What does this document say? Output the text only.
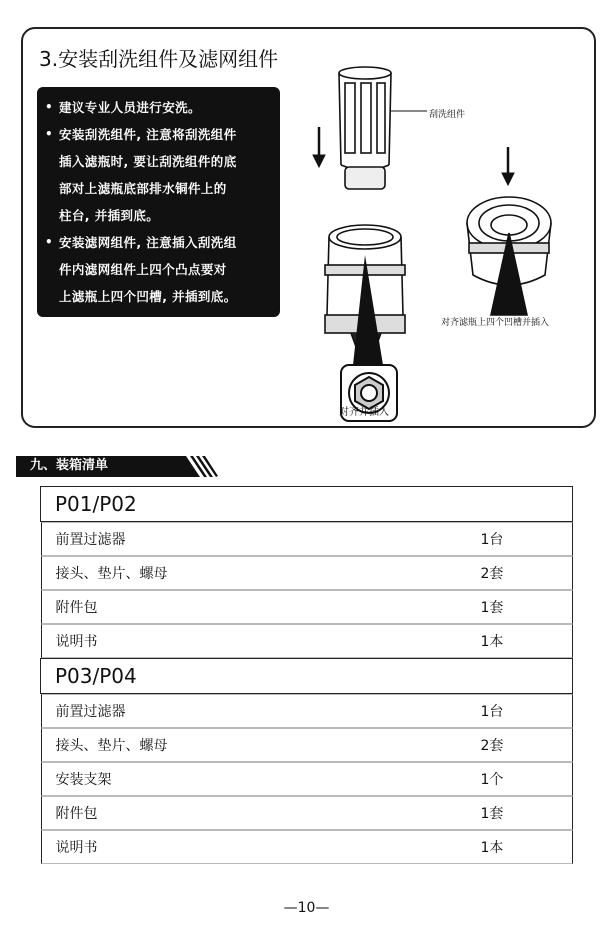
3.安装刮洗组件及滤网组件
• 建议专业人员进行安洗。
• 安装刮洗组件, 注意将刮洗组件
插入滤瓶时, 要让刮洗组件的底
部对上滤瓶底部排水铜件上的
柱台, 并插到底。
• 安装滤网组件, 注意插入刮洗组
件内滤网组件上四个凸点要对
上滤瓶上四个凹槽, 并插到底。
刮洗组件
对齐并插入
对齐滤瓶上四个凹槽并插入
九、装箱清单
P01/P02

前置过滤器	1台

接头、垫片、螺母	2套

附件包	1套

说明书	1本

P03/P04

前置过滤器	1台

接头、垫片、螺母	2套

安装支架	1个

附件包	1套

说明书	1本
—10—
